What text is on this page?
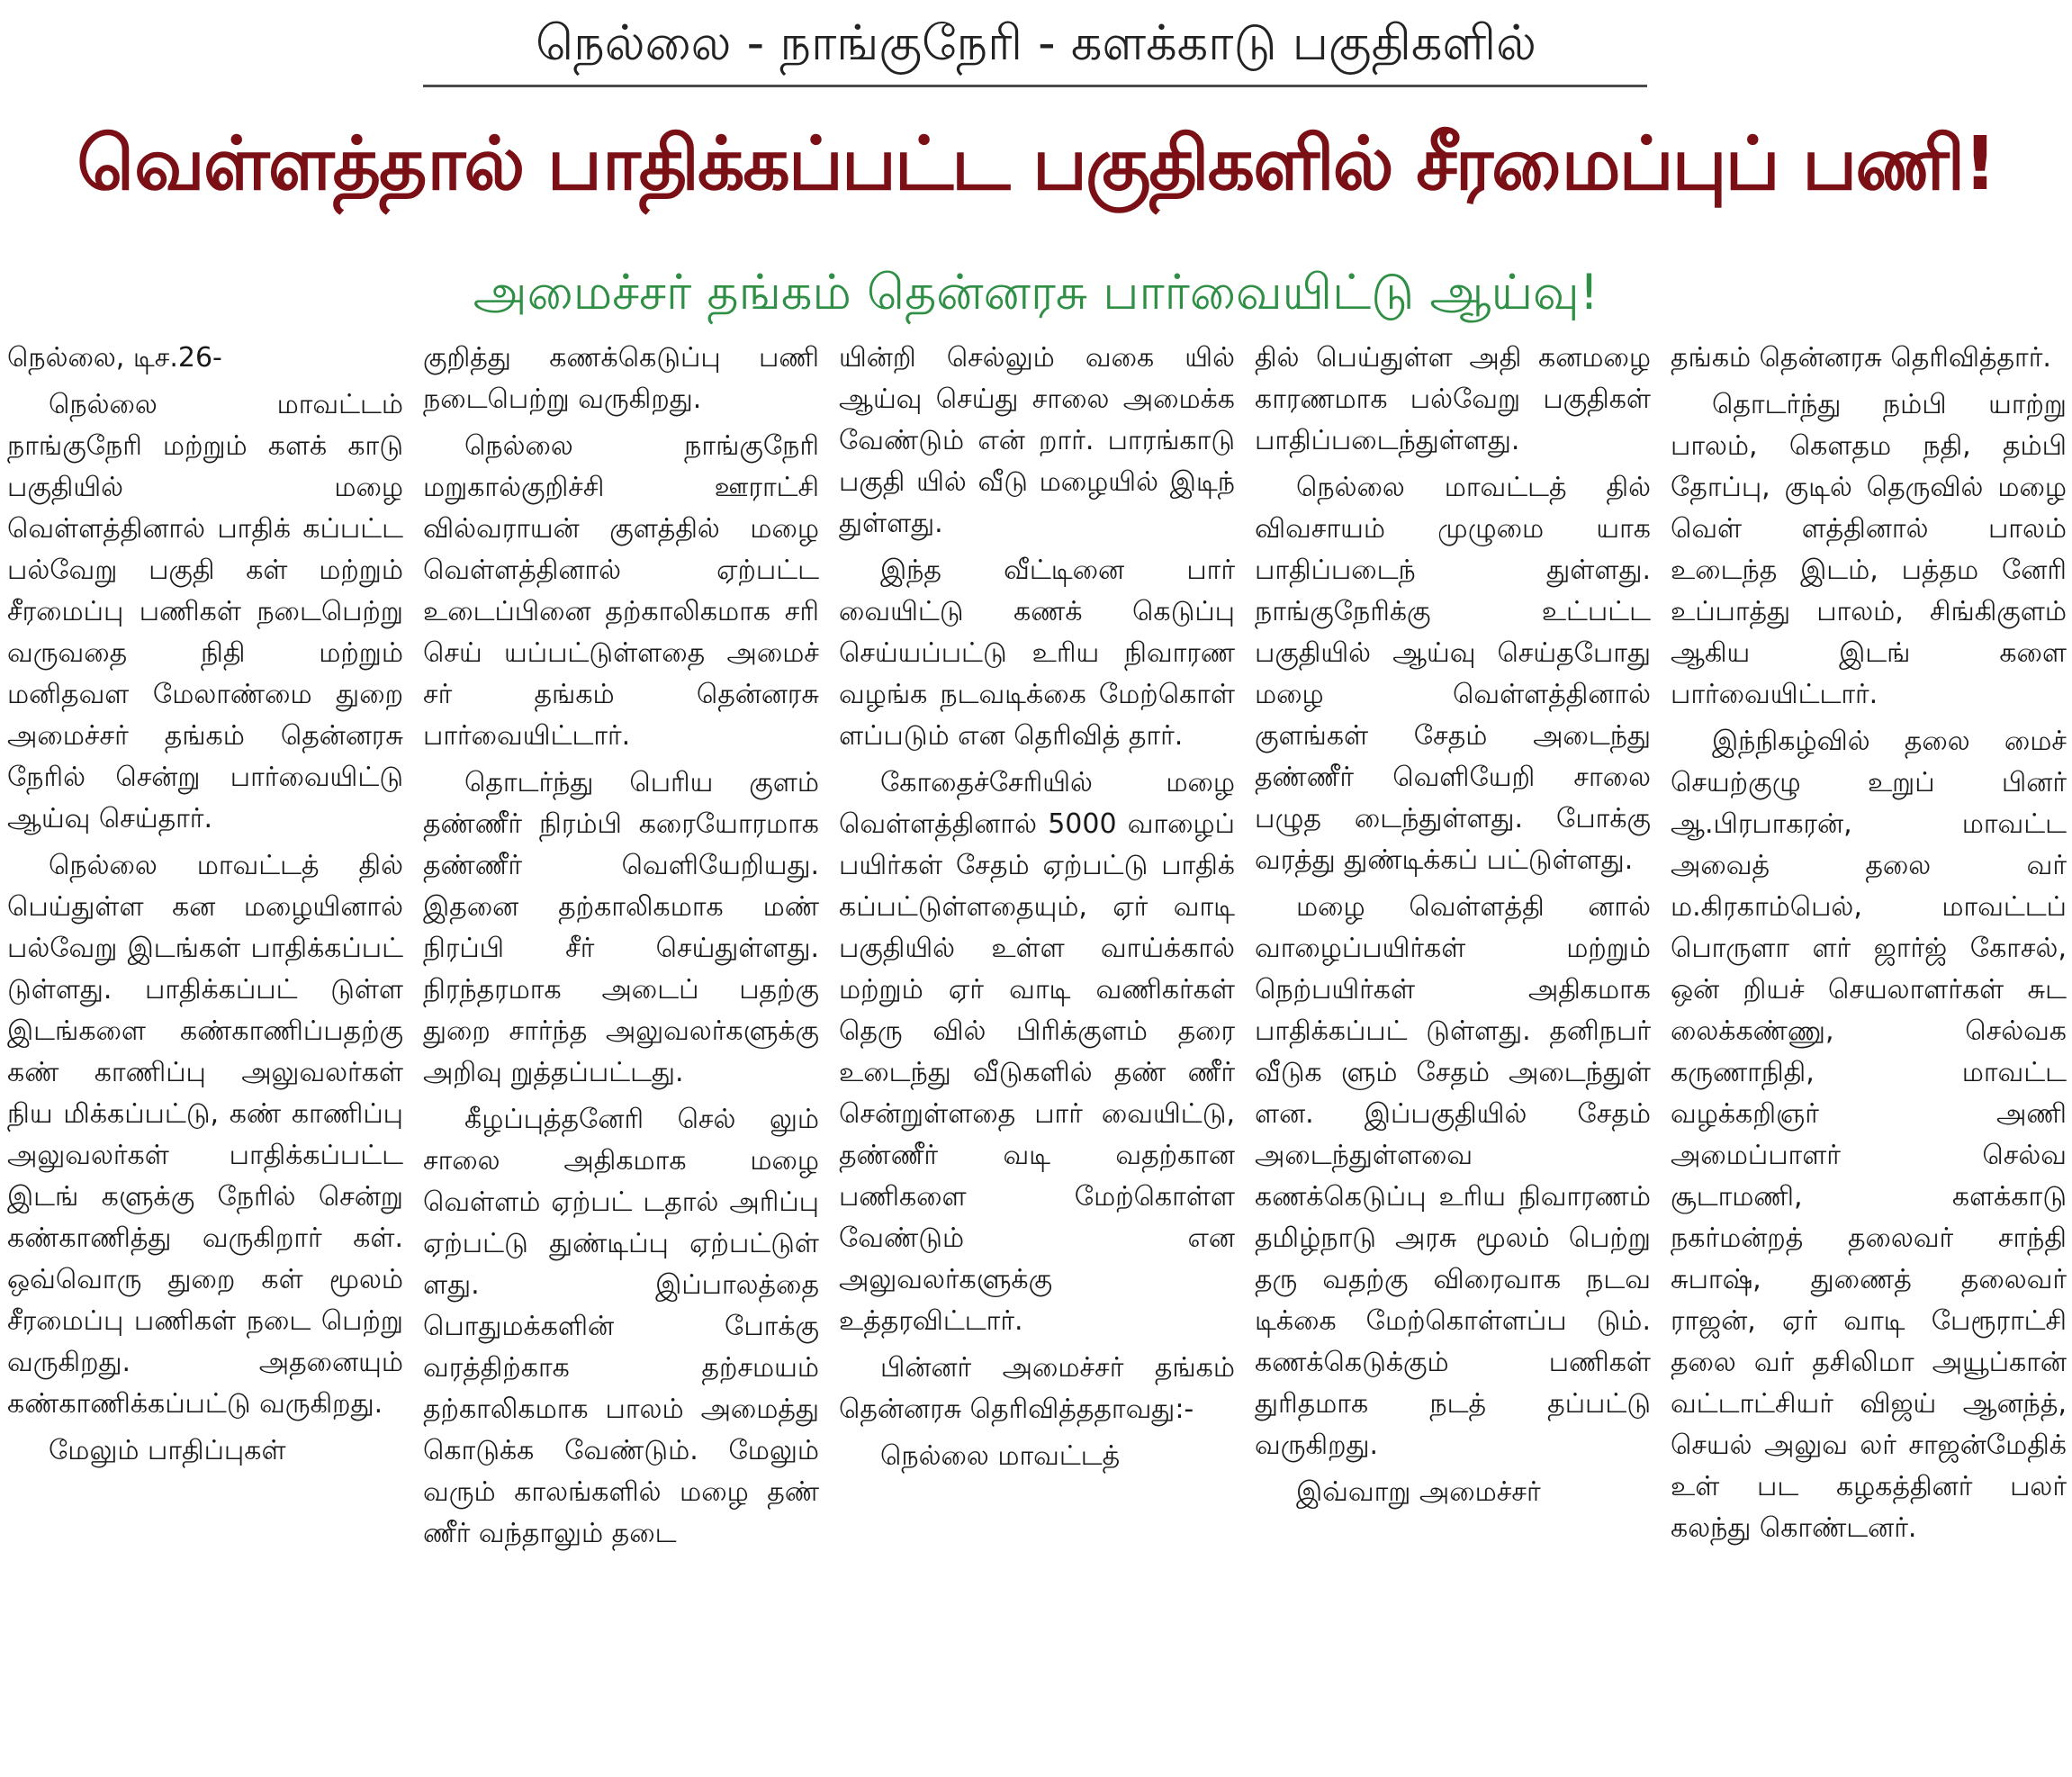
நெல்லை - நாங்குநேரி - களக்காடு பகுதிகளில்
வெள்ளத்தால் பாதிக்கப்பட்ட பகுதிகளில் சீரமைப்புப் பணி!
அமைச்சர் தங்கம் தென்னரசு பார்வையிட்டு ஆய்வு!

நெல்லை, டிச.26-

நெல்லை மாவட்டம் நாங்குநேரி மற்றும் களக் காடு பகுதியில் மழை வெள்ளத்தினால் பாதிக் கப்பட்ட பல்வேறு பகுதி கள் மற்றும் சீரமைப்பு பணிகள் நடைபெற்று வருவதை நிதி மற்றும் மனிதவள மேலாண்மை துறை அமைச்சர் தங்கம் தென்னரசு நேரில் சென்று பார்வையிட்டு ஆய்வு செய்தார்.

நெல்லை மாவட்டத் தில் பெய்துள்ள கன மழையினால் பல்வேறு இடங்கள் பாதிக்கப்பட் டுள்ளது. பாதிக்கப்பட் டுள்ள இடங்களை கண்காணிப்பதற்கு கண் காணிப்பு அலுவலர்கள் நிய மிக்கப்பட்டு, கண் காணிப்பு அலுவலர்கள் பாதிக்கப்பட்ட இடங் களுக்கு நேரில் சென்று கண்காணித்து வருகிறார் கள். ஒவ்வொரு துறை கள் மூலம் சீரமைப்பு பணிகள் நடை பெற்று வருகிறது. அதனையும் கண்காணிக்கப்பட்டு வருகிறது.

மேலும் பாதிப்புகள்

குறித்து கணக்கெடுப்பு பணி நடைபெற்று வருகிறது.

நெல்லை நாங்குநேரி மறுகால்குறிச்சி ஊராட்சி வில்வராயன் குளத்தில் மழை வெள்ளத்தினால் ஏற்பட்ட உடைப்பினை தற்காலிகமாக சரி செய் யப்பட்டுள்ளதை அமைச் சர் தங்கம் தென்னரசு பார்வையிட்டார்.

தொடர்ந்து பெரிய குளம் தண்ணீர் நிரம்பி கரையோரமாக தண்ணீர் வெளியேறியது. இதனை தற்காலிகமாக மண் நிரப்பி சீர் செய்துள்ளது. நிரந்தரமாக அடைப் பதற்கு துறை சார்ந்த அலுவலர்களுக்கு அறிவு றுத்தப்பட்டது.

கீழப்புத்தனேரி செல் லும் சாலை அதிகமாக மழை வெள்ளம் ஏற்பட் டதால் அரிப்பு ஏற்பட்டு துண்டிப்பு ஏற்பட்டுள் ளது. இப்பாலத்தை பொதுமக்களின் போக்கு வரத்திற்காக தற்சமயம் தற்காலிகமாக பாலம் அமைத்து கொடுக்க வேண்டும். மேலும் வரும் காலங்களில் மழை தண் ணீர் வந்தாலும் தடை

யின்றி செல்லும் வகை யில் ஆய்வு செய்து சாலை அமைக்க வேண்டும் என் றார். பாரங்காடு பகுதி யில் வீடு மழையில் இடிந் துள்ளது.

இந்த வீட்டினை பார் வையிட்டு கணக் கெடுப்பு செய்யப்பட்டு உரிய நிவாரண வழங்க நடவடிக்கை மேற்கொள் ளப்படும் என தெரிவித் தார்.

கோதைச்சேரியில் மழை வெள்ளத்தினால் 5000 வாழைப் பயிர்கள் சேதம் ஏற்பட்டு பாதிக் கப்பட்டுள்ளதையும், ஏர் வாடி பகுதியில் உள்ள வாய்க்கால் மற்றும் ஏர் வாடி வணிகர்கள் தெரு வில் பிரிக்குளம் தரை உடைந்து வீடுகளில் தண் ணீர் சென்றுள்ளதை பார் வையிட்டு, தண்ணீர் வடி வதற்கான பணிகளை மேற்கொள்ள வேண்டும் என அலுவலர்களுக்கு உத்தரவிட்டார்.

பின்னர் அமைச்சர் தங்கம் தென்னரசு தெரிவித்ததாவது:-

நெல்லை மாவட்டத்

தில் பெய்துள்ள அதி கனமழை காரணமாக பல்வேறு பகுதிகள் பாதிப்படைந்துள்ளது.

நெல்லை மாவட்டத் தில் விவசாயம் முழுமை யாக பாதிப்படைந் துள்ளது. நாங்குநேரிக்கு உட்பட்ட பகுதியில் ஆய்வு செய்தபோது மழை வெள்ளத்தினால் குளங்கள் சேதம் அடைந்து தண்ணீர் வெளியேறி சாலை பழுத டைந்துள்ளது. போக்கு வரத்து துண்டிக்கப் பட்டுள்ளது.

மழை வெள்ளத்தி னால் வாழைப்பயிர்கள் மற்றும் நெற்பயிர்கள் அதிகமாக பாதிக்கப்பட் டுள்ளது. தனிநபர் வீடுக ளும் சேதம் அடைந்துள் ளன. இப்பகுதியில் சேதம் அடைந்துள்ளவை கணக்கெடுப்பு உரிய நிவாரணம் தமிழ்நாடு அரசு மூலம் பெற்று தரு வதற்கு விரைவாக நடவ டிக்கை மேற்கொள்ளப்ப டும். கணக்கெடுக்கும் பணிகள் துரிதமாக நடத் தப்பட்டு வருகிறது.

இவ்வாறு அமைச்சர்

தங்கம் தென்னரசு தெரிவித்தார்.

தொடர்ந்து நம்பி யாற்று பாலம், கௌதம நதி, தம்பி தோப்பு, குடில் தெருவில் மழை வெள் ளத்தினால் பாலம் உடைந்த இடம், பத்தம னேரி உப்பாத்து பாலம், சிங்கிகுளம் ஆகிய இடங் களை பார்வையிட்டார்.

இந்நிகழ்வில் தலை மைச் செயற்குழு உறுப் பினர் ஆ.பிரபாகரன், மாவட்ட அவைத் தலை வர் ம.கிரகாம்பெல், மாவட்டப் பொருளா ளர் ஜார்ஜ் கோசல், ஒன் றியச் செயலாளர்கள் சுட லைக்கண்ணு, செல்வக கருணாநிதி, மாவட்ட வழக்கறிஞர் அணி அமைப்பாளர் செல்வ சூடாமணி, களக்காடு நகர்மன்றத் தலைவர் சாந்தி சுபாஷ், துணைத் தலைவர் ராஜன், ஏர் வாடி பேரூராட்சி தலை வர் தசிலிமா அயூப்கான் வட்டாட்சியர் விஜய் ஆனந்த், செயல் அலுவ லர் சாஜன்மேதிக் உள் பட கழகத்தினர் பலர் கலந்து கொண்டனர்.
